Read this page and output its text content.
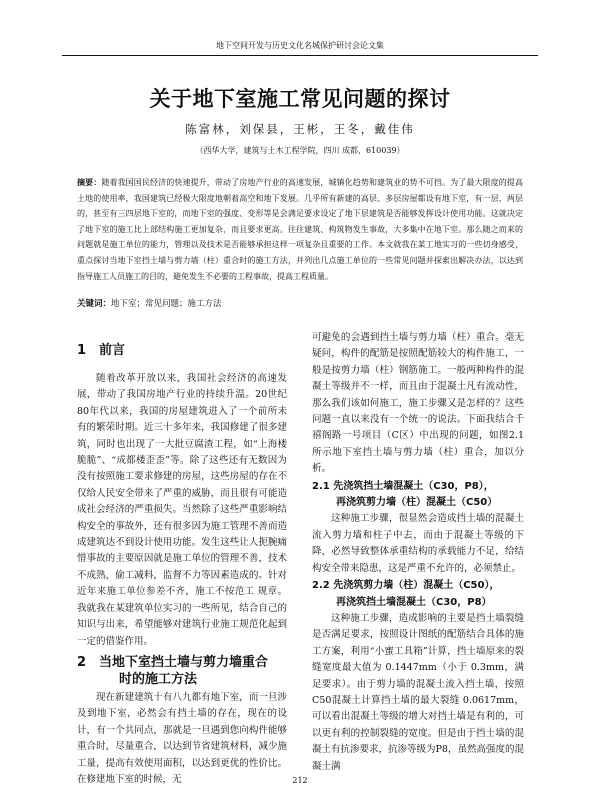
地下空间开发与历史文化名城保护研讨会论文集
关于地下室施工常见问题的探讨
陈富林，刘保县，王彬，王冬，戴佳伟
（西华大学，建筑与土木工程学院，四川 成都，610039）
摘要：随着我国国民经济的快速提升，带动了房地产行业的高速发展，城镇化趋势和建筑业的势不可挡。为了最大限度的提高土地的使用率，我国建筑已经极大限度地朝着高空和地下发展。几乎所有新建的高层、多层房屋都设有地下室，有一层、两层的，甚至有三四层地下室的，而地下室的强度、变形等是会满足要求设定了地下层建筑是否能够发挥设计使用功能。这就决定了地下室的施工比上部结构施工更加复杂，而且要求更高。往往建筑、构筑物发生事故，大多集中在地下室。那么随之而来的问题就是施工单位的能力，管理以及技术是否能够承担这样一项复杂且重要的工作。本文就我在某工地实习的一些切身感受，重点探讨当地下室挡土墙与剪力墙（柱）重合时的施工方法，并列出几点施工单位的一些常见问题并探索出解决办法，以达到指导施工人员施工的目的，避免发生不必要的工程事故，提高工程质量。
关键词：地下室；常见问题；施工方法
1 前言

随着改革开放以来，我国社会经济的高速发展，带动了我国房地产行业的持续升温。20世纪80年代以来，我国的房屋建筑进入了一个前所未有的繁荣时期。近三十多年来，我国修建了很多建筑，同时也出现了一大批豆腐渣工程，如“上海楼脆脆”、“成都楼歪歪”等。除了这些还有无数因为没有按照施工要求修建的房屋，这些房屋的存在不仅给人民安全带来了严重的威胁，而且很有可能造成社会经济的严重损失。当然除了这些严重影响结构安全的事故外，还有很多因为施工管理不善而造成建筑达不到设计使用功能。发生这些让人扼腕痛惜事故的主要原因就是施工单位的管理不善，技术不成熟，偷工减料，监督不力等因素造成的。针对近年来施工单位参差不齐，施工不按范工 规章。我就我在某建筑单位实习的一些所见，结合自己的知识与出来，希望能够对建筑行业施工规范化起到一定的借鉴作用。

2 当地下室挡土墙与剪力墙重合
时的施工方法

现在新建建筑十有八九都有地下室，而一旦涉及到地下室，必然会有挡土墙的存在，现在的设计，有一个共同点，那就是一旦遇到您向构件能够重合时，尽量重合，以达到节省建筑材料，减少施工量，提高有效使用面积，以达到更优的性价比。在修建地下室的时候，无

可避免的会遇到挡土墙与剪力墙（柱）重合。毫无疑问，构件的配筋是按照配筋较大的构件施工，一般是按剪力墙（柱）钢筋施工。一般两种构件的混凝土等级并不一样，而且由于混凝土凡有流动性，那么我们该如何施工，施工步骤又是怎样的？这些问题一直以来没有一个统一的说法。下面我结合千禧阁路一号项目（C区）中出现的问题，如图2.1所示地下室挡土墙与剪力墙（柱）重合，加以分析。

2.1 先浇筑挡土墙混凝土（C30，P8），
再浇筑剪力墙（柱）混凝土（C50）

这种施工步骤，很显然会造成挡土墙的混凝土流入剪力墙和柱子中去，而由于混凝土等级的下降，必然导致整体承重结构的承载能力不足，给结构安全带来隐患，这是严重不允许的，必须禁止。

2.2 先浇筑剪力墙（柱）混凝土（C50），
再浇筑挡土墙混凝土（C30，P8）

这种施工步骤，造成影响的主要是挡土墙裂缝是否满足要求，按照设计图纸的配筋结合具体的施工方案，利用“小蜜工具箱”计算，挡土墙原来的裂缝宽度最大值为 0.1447mm（小于 0.3mm，满足要求）。由于剪力墙的混凝土流入挡土墙，按照C50混凝土计算挡土墙的最大裂缝 0.0617mm，可以看出混凝土等级的增大对挡土墙是有利的，可以更有利的控制裂缝的宽度。但是由于挡土墙的混凝土有抗渗要求，抗渗等级为P8，虽然高强度的混凝土满

212
